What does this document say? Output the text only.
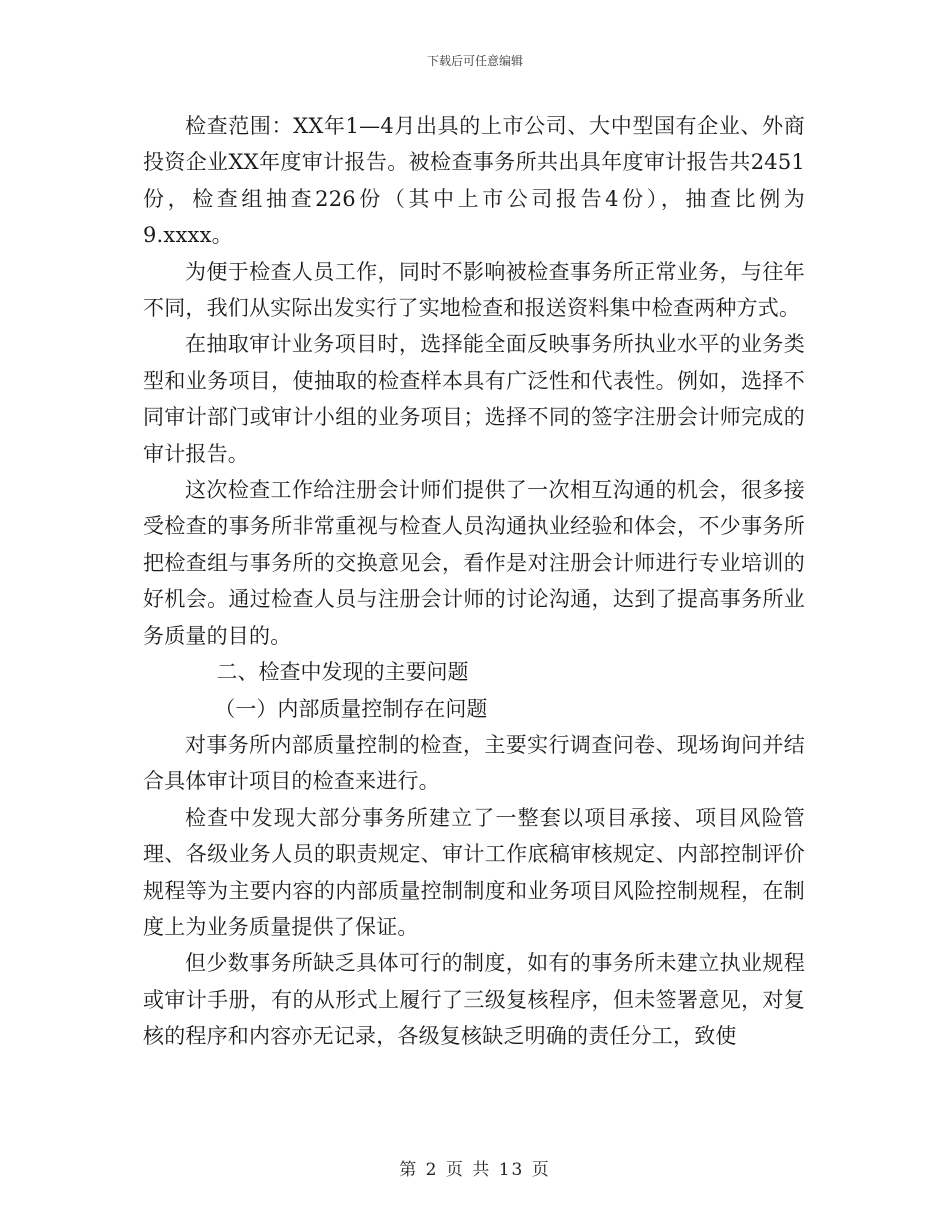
下载后可任意编辑

检查范围：XX年1—4月出具的上市公司、大中型国有企业、外商投资企业XX年度审计报告。被检查事务所共出具年度审计报告共2451份，检查组抽查226份（其中上市公司报告4份），抽查比例为9.xxxx。

为便于检查人员工作，同时不影响被检查事务所正常业务，与往年不同，我们从实际出发实行了实地检查和报送资料集中检查两种方式。

在抽取审计业务项目时，选择能全面反映事务所执业水平的业务类型和业务项目，使抽取的检查样本具有广泛性和代表性。例如，选择不同审计部门或审计小组的业务项目；选择不同的签字注册会计师完成的审计报告。

这次检查工作给注册会计师们提供了一次相互沟通的机会，很多接受检查的事务所非常重视与检查人员沟通执业经验和体会，不少事务所把检查组与事务所的交换意见会，看作是对注册会计师进行专业培训的好机会。通过检查人员与注册会计师的讨论沟通，达到了提高事务所业务质量的目的。

二、检查中发现的主要问题

（一）内部质量控制存在问题

对事务所内部质量控制的检查，主要实行调查问卷、现场询问并结合具体审计项目的检查来进行。

检查中发现大部分事务所建立了一整套以项目承接、项目风险管理、各级业务人员的职责规定、审计工作底稿审核规定、内部控制评价规程等为主要内容的内部质量控制制度和业务项目风险控制规程，在制度上为业务质量提供了保证。

但少数事务所缺乏具体可行的制度，如有的事务所未建立执业规程或审计手册，有的从形式上履行了三级复核程序，但未签署意见，对复核的程序和内容亦无记录，各级复核缺乏明确的责任分工，致使

第 2 页 共 13 页
